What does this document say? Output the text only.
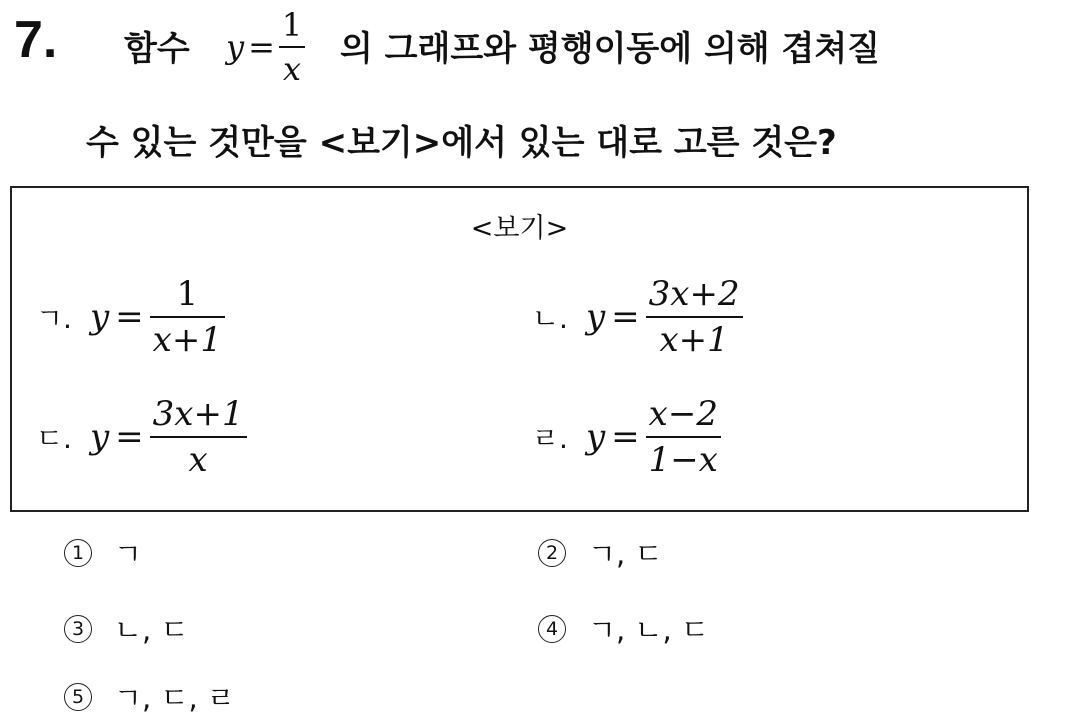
7. 함수 $y = \frac{1}{x}$ 의 그래프와 평행이동에 의해 겹쳐질
수 있는 것만을 <보기>에서 있는 대로 고른 것은?
<보기>
ㄱ. $y = \frac{1}{x+1}$	ㄴ. $y = \frac{3x+2}{x+1}$
ㄷ. $y = \frac{3x+1}{x}$	ㄹ. $y = \frac{x-2}{1-x}$
1 ㄱ	2 ㄱ, ㄷ
3 ㄴ, ㄷ	4 ㄱ, ㄴ, ㄷ
5 ㄱ, ㄷ, ㄹ
